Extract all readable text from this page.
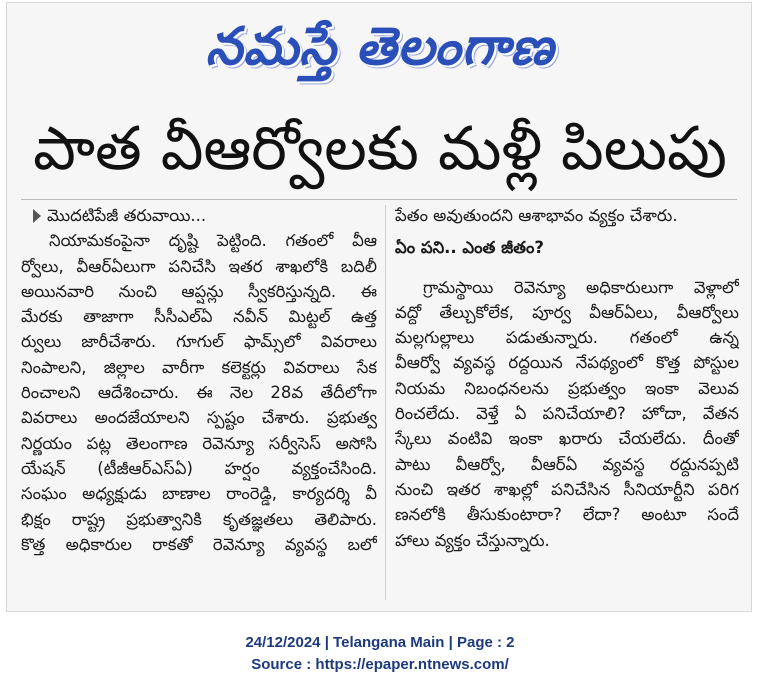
నమస్తే తెలంగాణ
పాత వీఆర్వోలకు మళ్లీ పిలుపు
మొదటిపేజీ తరువాయి...
నియామకంపైనా దృష్టి పెట్టింది. గతంలో వీఆ
ర్వోలు, వీఆర్‌ఏలుగా పనిచేసి ఇతర శాఖలోకి బదిలీ
అయినవారి నుంచి ఆప్షన్లు స్వీకరిస్తున్నది. ఈ
మేరకు తాజాగా సీసీఎల్‌ఏ నవీన్ మిట్టల్ ఉత్త
ర్వులు జారీచేశారు. గూగుల్ ఫామ్స్‌లో వివరాలు
నింపాలని, జిల్లాల వారీగా కలెక్టర్లు వివరాలు సేక
రించాలని ఆదేశించారు. ఈ నెల 28వ తేదీలోగా
వివరాలు అందజేయాలని స్పష్టం చేశారు. ప్రభుత్వ
నిర్ణయం పట్ల తెలంగాణ రెవెన్యూ సర్వీసెస్ అసోసి
యేషన్ (టీజీఆర్‌ఎస్‌ఏ) హర్షం వ్యక్తంచేసింది.
సంఘం అధ్యక్షుడు బాణాల రాంరెడ్డి, కార్యదర్శి వీ
భిక్షం రాష్ట్ర ప్రభుత్వానికి కృతజ్ఞతలు తెలిపారు.
కొత్త అధికారుల రాకతో రెవెన్యూ వ్యవస్థ బలో
పేతం అవుతుందని ఆశాభావం వ్యక్తం చేశారు.
ఏం పని.. ఎంత జీతం?
గ్రామస్థాయి రెవెన్యూ అధికారులుగా వెళ్లాలో
వద్దో తేల్చుకోలేక, పూర్వ వీఆర్‌ఏలు, వీఆర్వోలు
మల్లగుల్లాలు పడుతున్నారు. గతంలో ఉన్న
వీఆర్వో వ్యవస్థ రద్దయిన నేపథ్యంలో కొత్త పోస్టుల
నియమ నిబంధనలను ప్రభుత్వం ఇంకా వెలువ
రించలేదు. వెళ్తే ఏ పనిచేయాలి? హోదా, వేతన
స్కేలు వంటివి ఇంకా ఖరారు చేయలేదు. దీంతో
పాటు వీఆర్వో, వీఆర్‌ఏ వ్యవస్థ రద్దునప్పటి
నుంచి ఇతర శాఖల్లో పనిచేసిన సీనియార్టీని పరిగ
ణనలోకి తీసుకుంటారా? లేదా? అంటూ సందే
హాలు వ్యక్తం చేస్తున్నారు.
24/12/2024 | Telangana Main | Page : 2
Source : https://epaper.ntnews.com/
